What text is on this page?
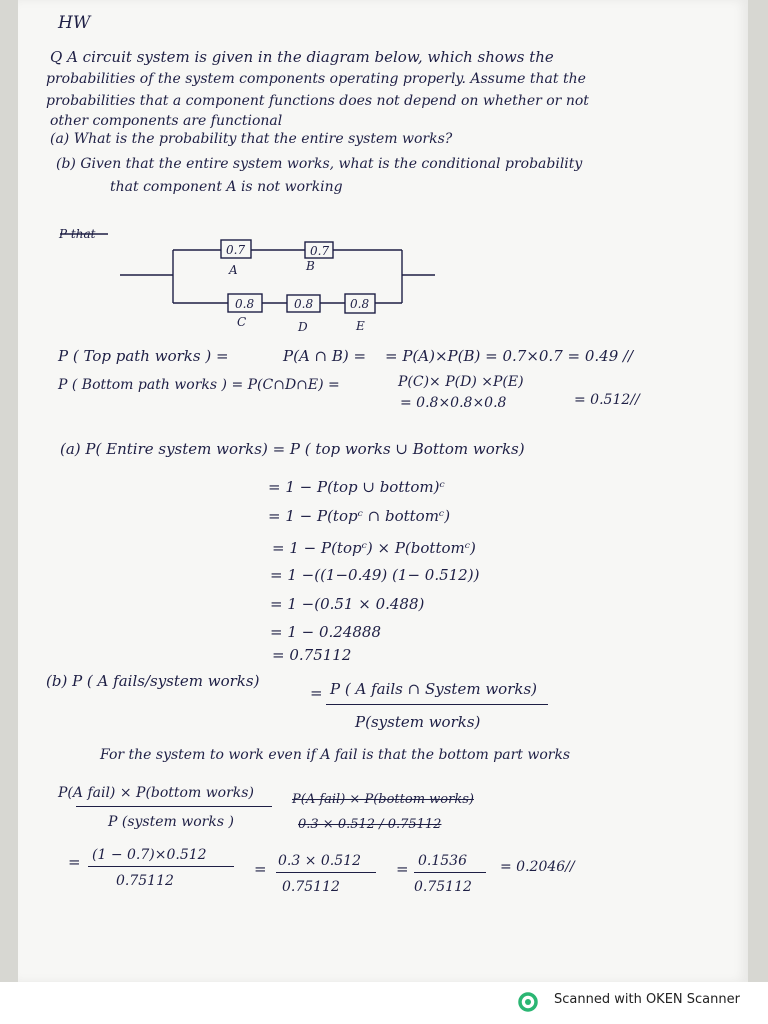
HW
Q A circuit system is given in the diagram below, which shows the
probabilities of the system components operating properly. Assume that the
probabilities that a component functions does not depend on whether or not
other components are functional
(a) What is the probability that the entire system works?
(b) Given that the entire system works, what is the conditional probability
that component A is not working
P that
0.7	0.7
0.8	0.8	0.8
A	B
C	D	E
P ( Top path works ) =	P(A ∩ B) = = P(A)×P(B) = 0.7×0.7 = 0.49 //
P ( Bottom path works ) = P(C∩D∩E) =	P(C)× P(D) ×P(E)
= 0.8×0.8×0.8	= 0.512//
(a) P( Entire system works) = P ( top works ∪ Bottom works)
= 1 − P(top ∪ bottom)ᶜ
= 1 − P(topᶜ ∩ bottomᶜ)
= 1 − P(topᶜ) × P(bottomᶜ)
= 1 −((1−0.49) (1− 0.512))
= 1 −(0.51 × 0.488)
= 1 − 0.24888
= 0.75112
(b) P ( A fails/system works)
= P ( A fails ∩ System works)
P(system works)
For the system to work even if A fail is that the bottom part works
P(A fail) × P(bottom works)
P (system works )
P(A fail) × P(bottom works)
0.3 × 0.512 / 0.75112
= (1 − 0.7)×0.512
0.75112
= 0.3 × 0.512
0.75112
= 0.1536
0.75112
= 0.2046//
Scanned with OKEN Scanner
